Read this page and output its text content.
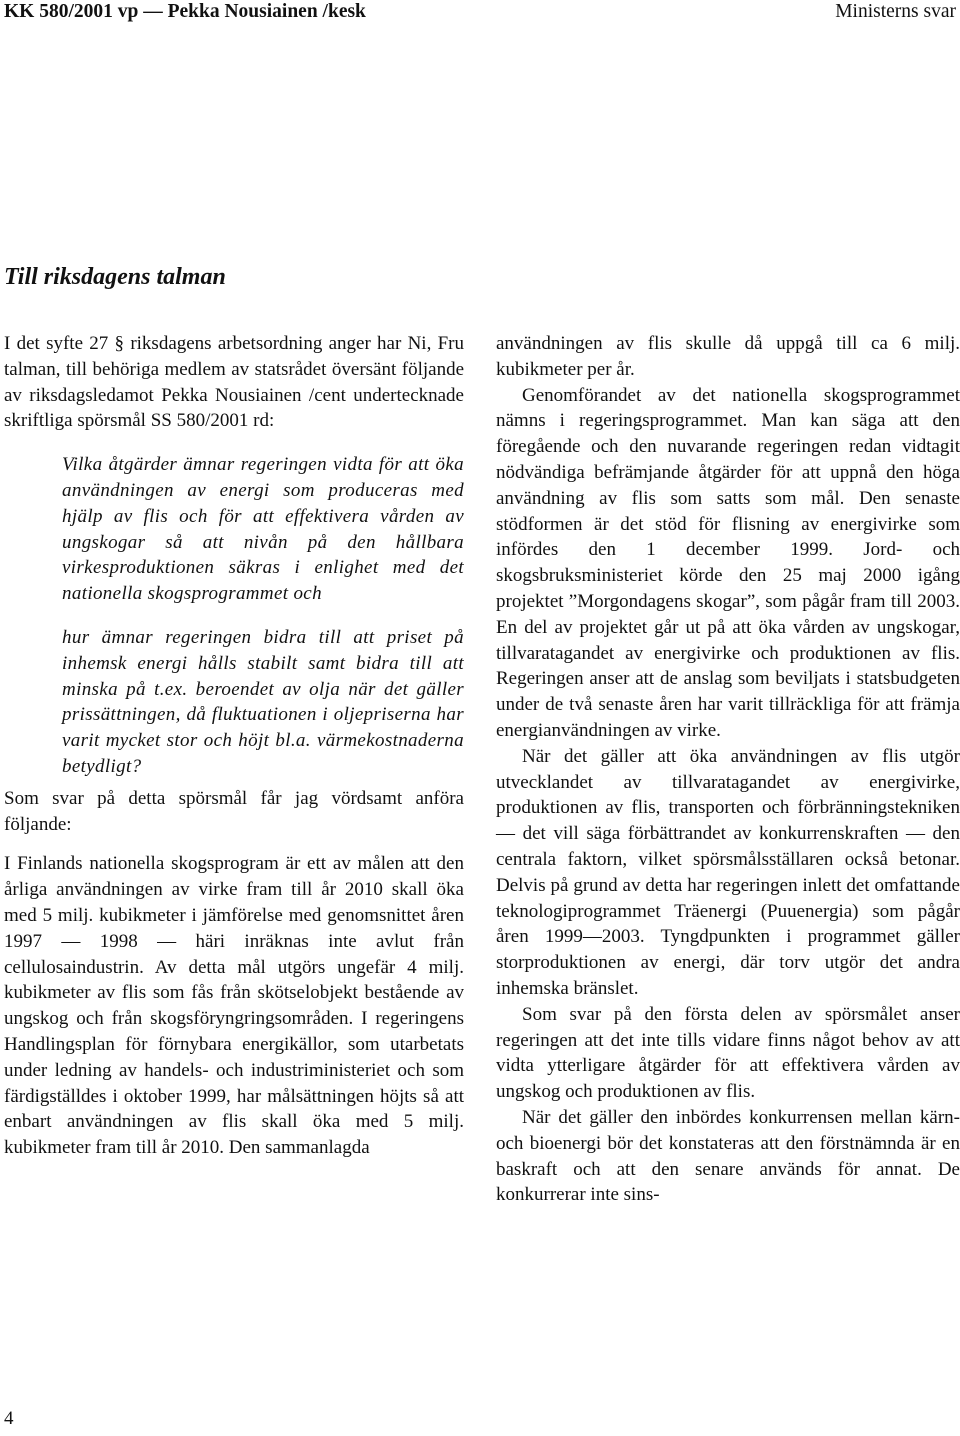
KK 580/2001 vp — Pekka Nousiainen /kesk	Ministerns svar
Till riksdagens talman

I det syfte 27 § riksdagens arbetsordning anger har Ni, Fru talman, till behöriga medlem av statsrådet översänt följande av riksdagsledamot Pekka Nousiainen /cent undertecknade skriftliga spörsmål SS 580/2001 rd:

Vilka åtgärder ämnar regeringen vidta för att öka användningen av energi som produceras med hjälp av flis och för att effektivera vården av ungskogar så att nivån på den hållbara virkesproduktionen säkras i enlighet med det nationella skogsprogrammet och

hur ämnar regeringen bidra till att priset på inhemsk energi hålls stabilt samt bidra till att minska på t.ex. beroendet av olja när det gäller prissättningen, då fluktuationen i oljepriserna har varit mycket stor och höjt bl.a. värmekostnaderna betydligt?

Som svar på detta spörsmål får jag vördsamt anföra följande:

I Finlands nationella skogsprogram är ett av målen att den årliga användningen av virke fram till år 2010 skall öka med 5 milj. kubikmeter i jämförelse med genomsnittet åren 1997 — 1998 — häri inräknas inte avlut från cellulosaindustrin. Av detta mål utgörs ungefär 4 milj. kubikmeter av flis som fås från skötselobjekt bestående av ungskog och från skogsföryngringsområden. I regeringens Handlingsplan för förnybara energikällor, som utarbetats under ledning av handels- och industriministeriet och som färdigställdes i oktober 1999, har målsättningen höjts så att enbart användningen av flis skall öka med 5 milj. kubikmeter fram till år 2010. Den sammanlagda

användningen av flis skulle då uppgå till ca 6 milj. kubikmeter per år.

Genomförandet av det nationella skogsprogrammet nämns i regeringsprogrammet. Man kan säga att den föregående och den nuvarande regeringen redan vidtagit nödvändiga befrämjande åtgärder för att uppnå den höga användning av flis som satts som mål. Den senaste stödformen är det stöd för flisning av energivirke som infördes den 1 december 1999. Jord- och skogsbruksministeriet körde den 25 maj 2000 igång projektet ”Morgondagens skogar”, som pågår fram till 2003. En del av projektet går ut på att öka vården av ungskogar, tillvaratagandet av energivirke och produktionen av flis. Regeringen anser att de anslag som beviljats i statsbudgeten under de två senaste åren har varit tillräckliga för att främja energianvändningen av virke.

När det gäller att öka användningen av flis utgör utvecklandet av tillvaratagandet av energivirke, produktionen av flis, transporten och förbränningstekniken — det vill säga förbättrandet av konkurrenskraften — den centrala faktorn, vilket spörsmålsställaren också betonar. Delvis på grund av detta har regeringen inlett det omfattande teknologiprogrammet Träenergi (Puuenergia) som pågår åren 1999—2003. Tyngdpunkten i programmet gäller storproduktionen av energi, där torv utgör det andra inhemska bränslet.

Som svar på den första delen av spörsmålet anser regeringen att det inte tills vidare finns något behov av att vidta ytterligare åtgärder för att effektivera vården av ungskog och produktionen av flis.

När det gäller den inbördes konkurrensen mellan kärn- och bioenergi bör det konstateras att den förstnämnda är en baskraft och att den senare används för annat. De konkurrerar inte sins-

4
